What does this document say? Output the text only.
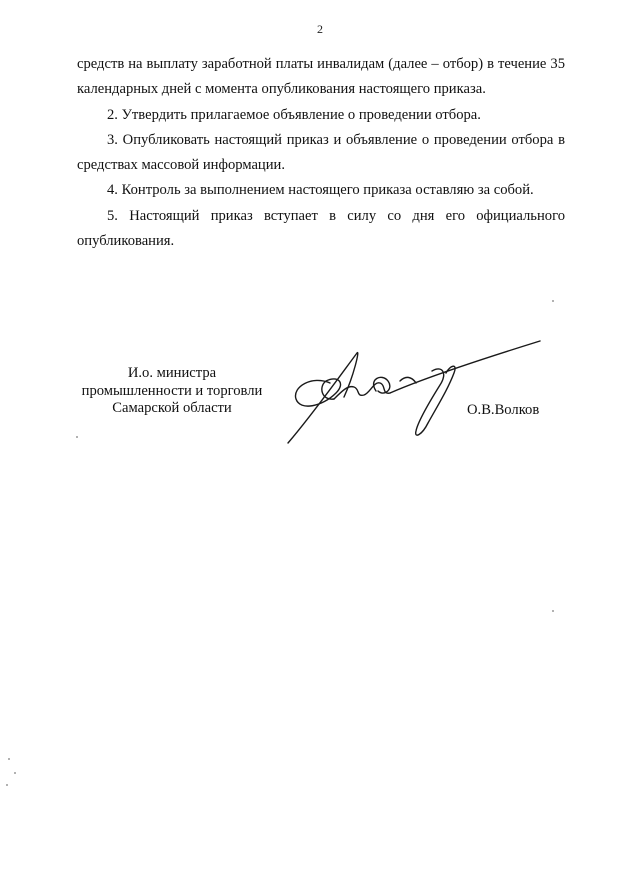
2

средств на выплату заработной платы инвалидам (далее – отбор) в течение 35 календарных дней с момента опубликования настоящего приказа.

2. Утвердить прилагаемое объявление о проведении отбора.

3. Опубликовать настоящий приказ и объявление о проведении отбора в средствах массовой информации.

4. Контроль за выполнением настоящего приказа оставляю за собой.

5. Настоящий приказ вступает в силу со дня его официального опубликования.

И.о. министра
промышленности и торговли
Самарской области	О.В.Волков
